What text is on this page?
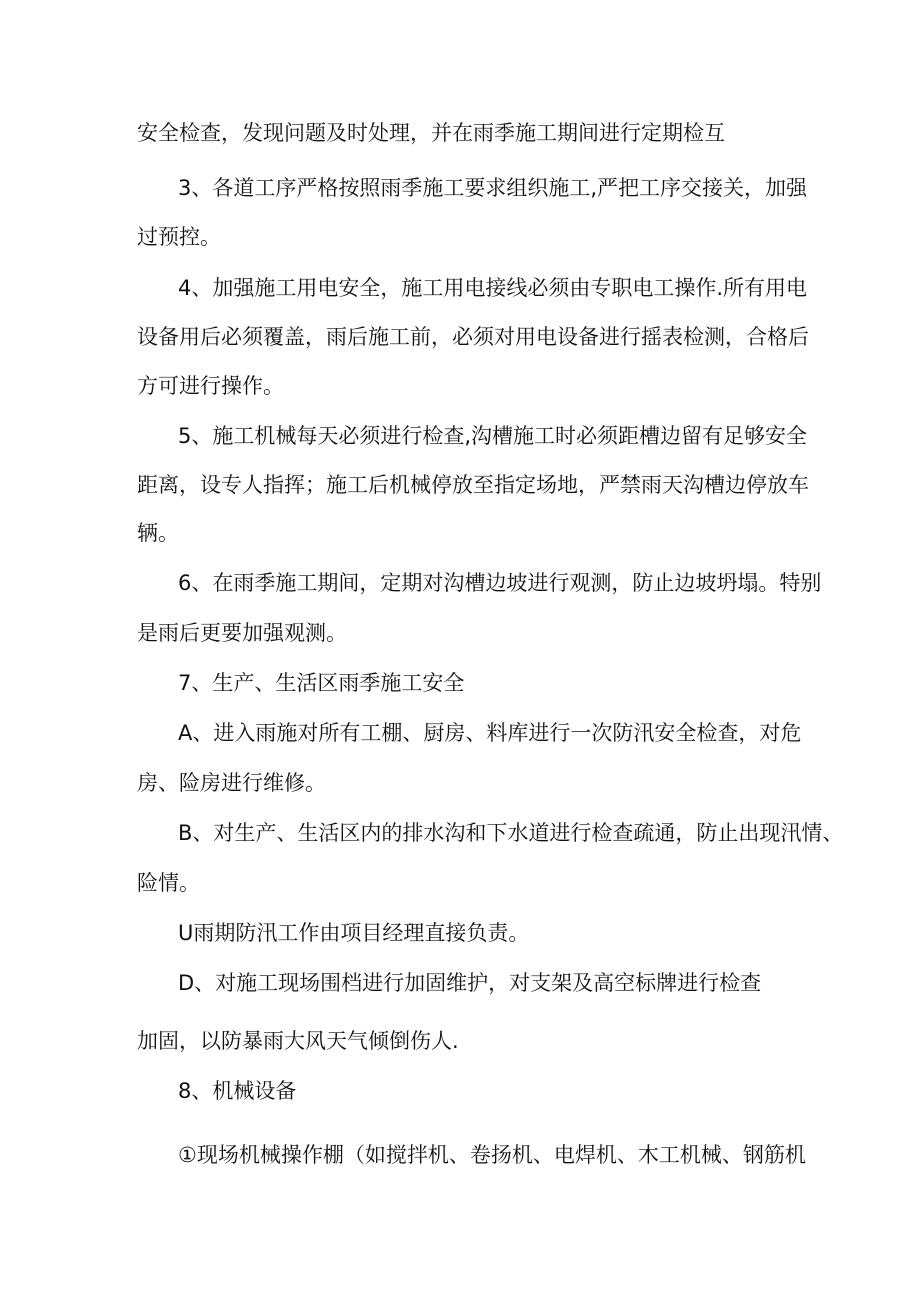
安全检查，发现问题及时处理，并在雨季施工期间进行定期检互
3、各道工序严格按照雨季施工要求组织施工,严把工序交接关，加强
过预控。
4、加强施工用电安全，施工用电接线必须由专职电工操作.所有用电
设备用后必须覆盖，雨后施工前，必须对用电设备进行摇表检测，合格后
方可进行操作。
5、施工机械每天必须进行检查,沟槽施工时必须距槽边留有足够安全
距离，设专人指挥；施工后机械停放至指定场地，严禁雨天沟槽边停放车
辆。
6、在雨季施工期间，定期对沟槽边坡进行观测，防止边坡坍塌。特别
是雨后更要加强观测。
7、生产、生活区雨季施工安全
A、进入雨施对所有工棚、厨房、料库进行一次防汛安全检查，对危
房、险房进行维修。
B、对生产、生活区内的排水沟和下水道进行检查疏通，防止出现汛情、
险情。
U雨期防汛工作由项目经理直接负责。
D、对施工现场围档进行加固维护，对支架及高空标牌进行检查
加固，以防暴雨大风天气倾倒伤人.
8、机械设备
①现场机械操作棚（如搅拌机、卷扬机、电焊机、木工机械、钢筋机
